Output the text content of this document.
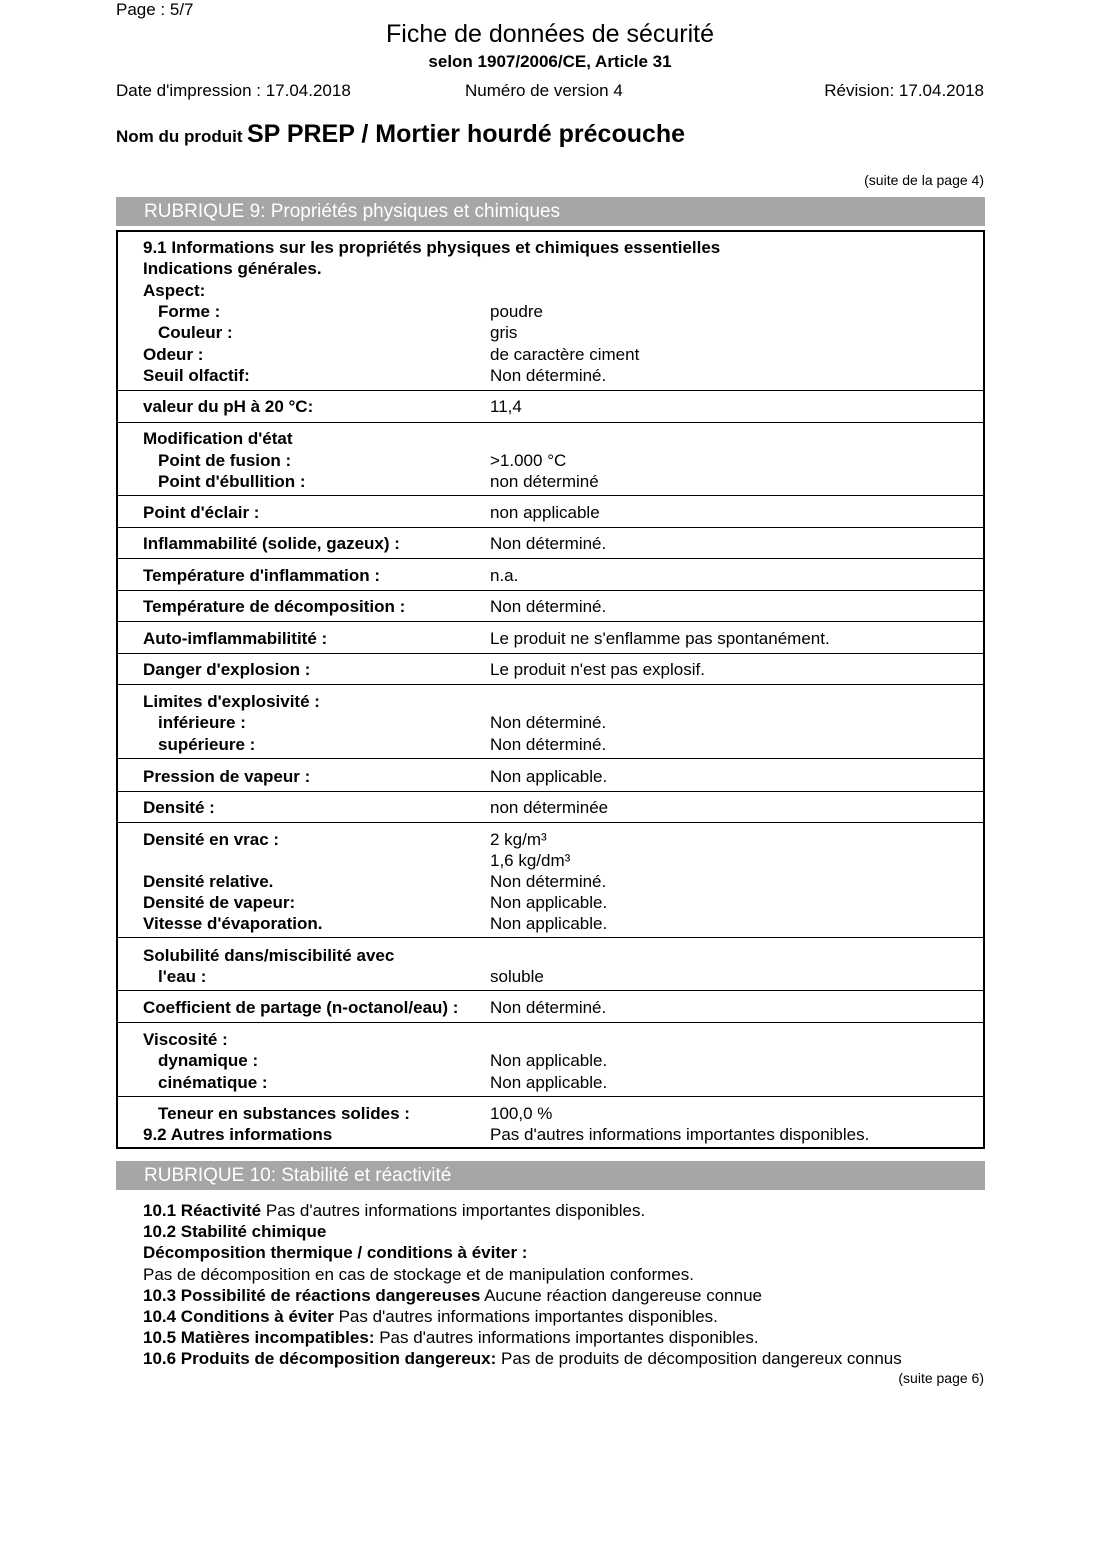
Page : 5/7
Fiche de données de sécurité
selon 1907/2006/CE, Article 31
Date d'impression : 17.04.2018	Numéro de version 4	Révision: 17.04.2018
Nom du produit SP PREP / Mortier hourdé précouche
(suite de la page 4)
RUBRIQUE 9: Propriétés physiques et chimiques
9.1 Informations sur les propriétés physiques et chimiques essentielles
Indications générales.
Aspect:
Forme :	poudre
Couleur :	gris
Odeur :	de caractère ciment
Seuil olfactif:	Non déterminé.
valeur du pH à 20 °C:	11,4
Modification d'état
Point de fusion :	>1.000 °C
Point d'ébullition :	non déterminé
Point d'éclair :	non applicable
Inflammabilité (solide, gazeux) :	Non déterminé.
Température d'inflammation :	n.a.
Température de décomposition :	Non déterminé.
Auto-imflammabilitité :	Le produit ne s'enflamme pas spontanément.
Danger d'explosion :	Le produit n'est pas explosif.
Limites d'explosivité :
inférieure :	Non déterminé.
supérieure :	Non déterminé.
Pression de vapeur :	Non applicable.
Densité :	non déterminée
Densité en vrac :	2 kg/m³
1,6 kg/dm³
Densité relative.	Non déterminé.
Densité de vapeur:	Non applicable.
Vitesse d'évaporation.	Non applicable.
Solubilité dans/miscibilité avec
l'eau :	soluble
Coefficient de partage (n-octanol/eau) : Non déterminé.
Viscosité :
dynamique :	Non applicable.
cinématique :	Non applicable.
Teneur en substances solides :	100,0 %
9.2 Autres informations	Pas d'autres informations importantes disponibles.
RUBRIQUE 10: Stabilité et réactivité

10.1 Réactivité Pas d'autres informations importantes disponibles.

10.2 Stabilité chimique

Décomposition thermique / conditions à éviter :

Pas de décomposition en cas de stockage et de manipulation conformes.

10.3 Possibilité de réactions dangereuses Aucune réaction dangereuse connue

10.4 Conditions à éviter Pas d'autres informations importantes disponibles.

10.5 Matières incompatibles: Pas d'autres informations importantes disponibles.

10.6 Produits de décomposition dangereux: Pas de produits de décomposition dangereux connus

(suite page 6)
